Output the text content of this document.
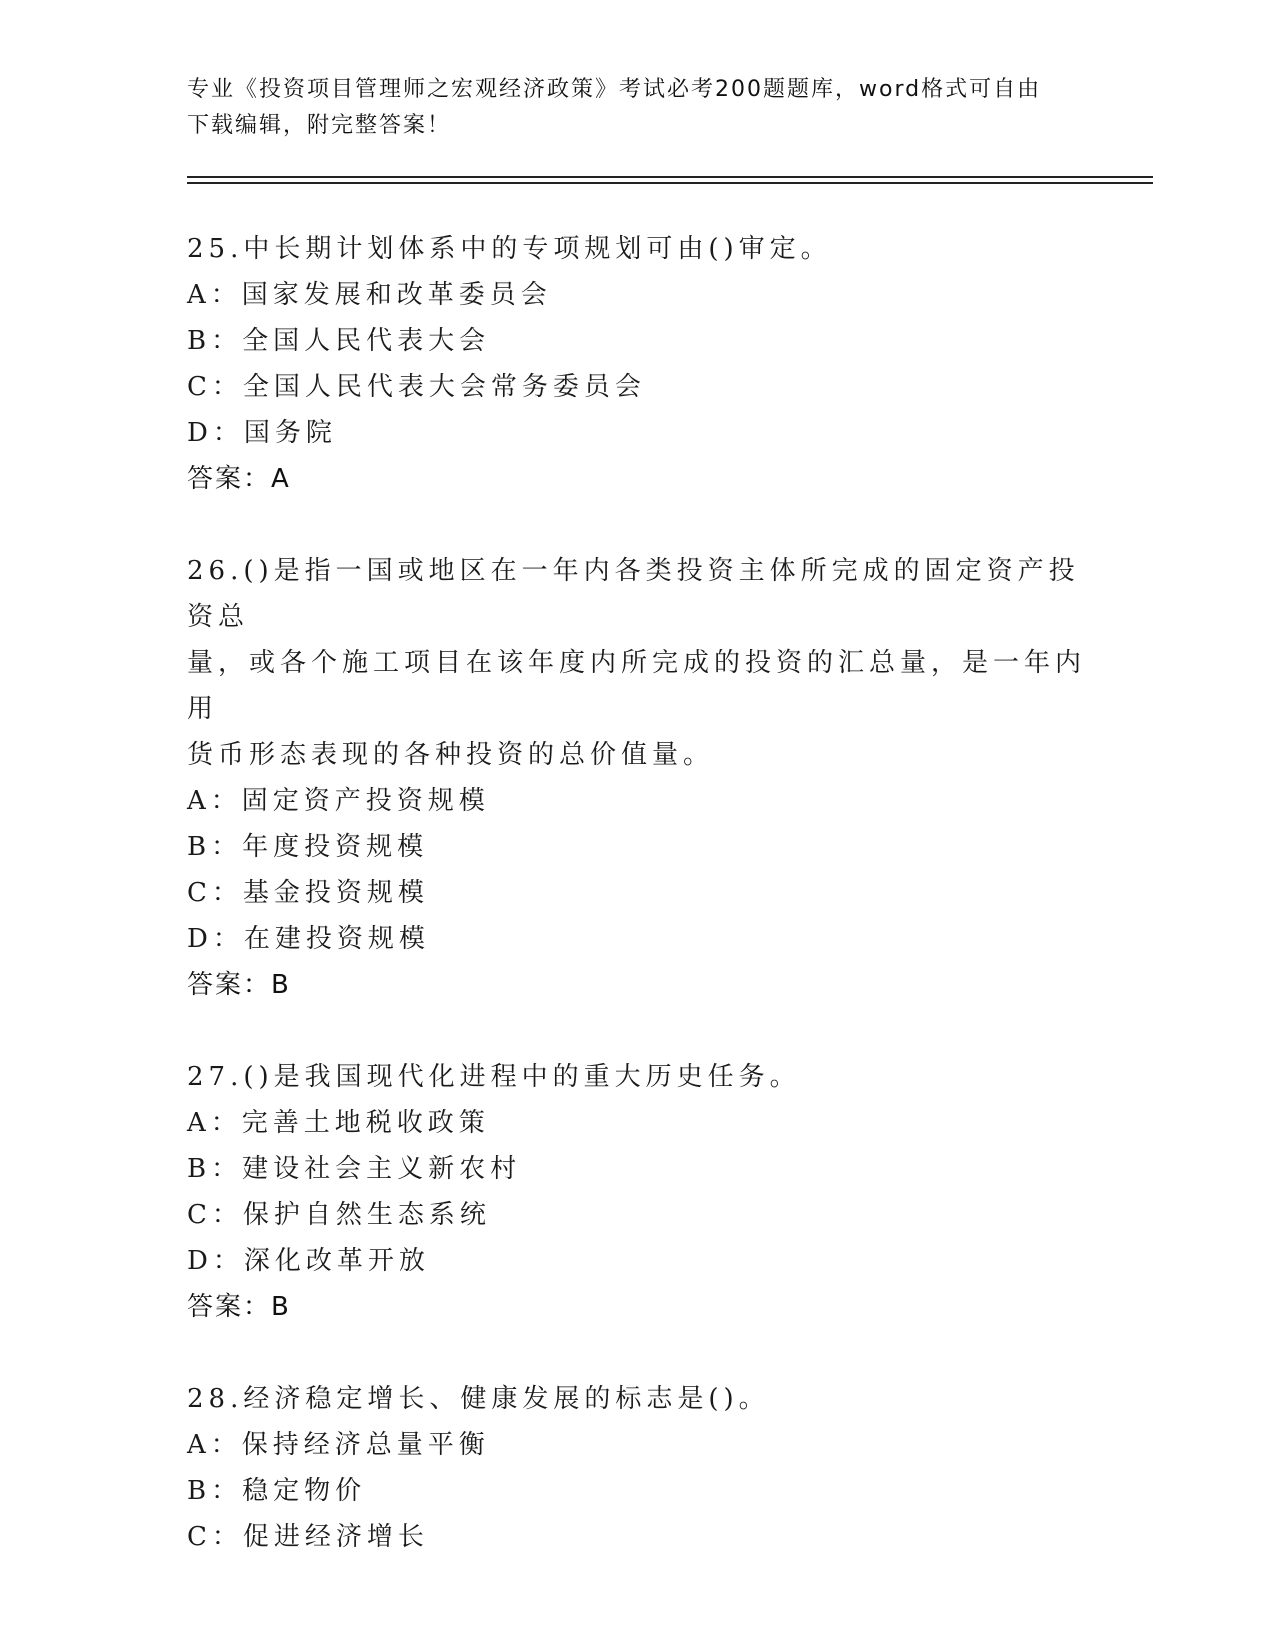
专业《投资项目管理师之宏观经济政策》考试必考200题题库，word格式可自由
下载编辑，附完整答案！
25.中长期计划体系中的专项规划可由()审定。
A：国家发展和改革委员会
B：全国人民代表大会
C：全国人民代表大会常务委员会
D：国务院
答案：A
26.()是指一国或地区在一年内各类投资主体所完成的固定资产投资总
量，或各个施工项目在该年度内所完成的投资的汇总量，是一年内用
货币形态表现的各种投资的总价值量。
A：固定资产投资规模
B：年度投资规模
C：基金投资规模
D：在建投资规模
答案：B
27.()是我国现代化进程中的重大历史任务。
A：完善土地税收政策
B：建设社会主义新农村
C：保护自然生态系统
D：深化改革开放
答案：B
28.经济稳定增长、健康发展的标志是()。
A：保持经济总量平衡
B：稳定物价
C：促进经济增长
